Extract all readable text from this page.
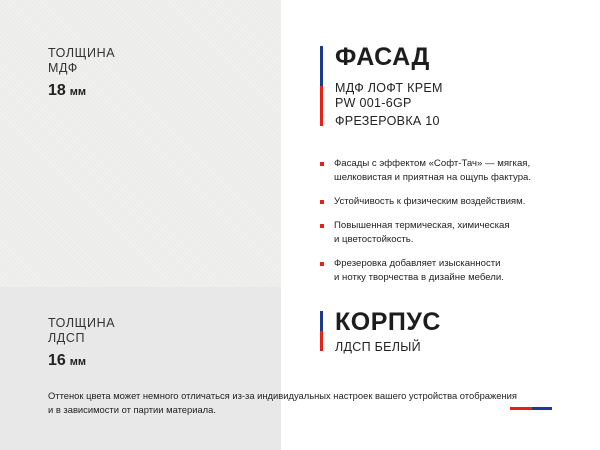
ТОЛЩИНА
МДФ
18 мм
ТОЛЩИНА
ЛДСП
16 мм
ФАСАД
МДФ ЛОФТ КРЕМ
PW 001-6GP
ФРЕЗЕРОВКА 10
Фасады с эффектом «Софт-Тач» — мягкая,
шелковистая и приятная на ощупь фактура.
Устойчивость к физическим воздействиям.
Повышенная термическая, химическая
и цветостойкость.
Фрезеровка добавляет изысканности
и нотку творчества в дизайне мебели.
КОРПУС
ЛДСП БЕЛЫЙ
Оттенок цвета может немного отличаться из-за индивидуальных настроек вашего устройства отображения
и в зависимости от партии материала.
